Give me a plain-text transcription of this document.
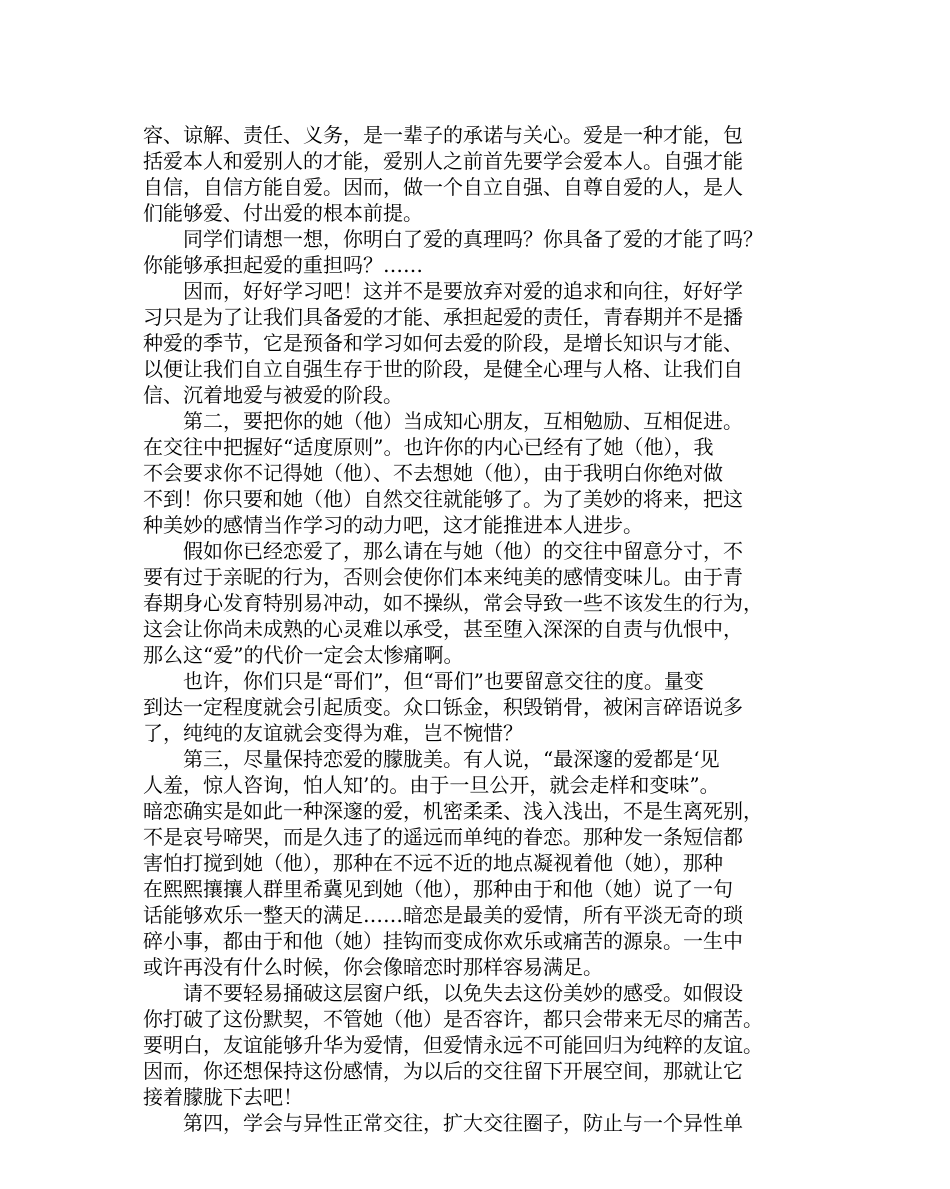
容、谅解、责任、义务，是一辈子的承诺与关心。爱是一种才能，包
括爱本人和爱别人的才能，爱别人之前首先要学会爱本人。自强才能
自信，自信方能自爱。因而，做一个自立自强、自尊自爱的人，是人
们能够爱、付出爱的根本前提。
同学们请想一想，你明白了爱的真理吗？你具备了爱的才能了吗？
你能够承担起爱的重担吗？……
因而，好好学习吧！这并不是要放弃对爱的追求和向往，好好学
习只是为了让我们具备爱的才能、承担起爱的责任，青春期并不是播
种爱的季节，它是预备和学习如何去爱的阶段，是增长知识与才能、
以便让我们自立自强生存于世的阶段，是健全心理与人格、让我们自
信、沉着地爱与被爱的阶段。
第二，要把你的她（他）当成知心朋友，互相勉励、互相促进。
在交往中把握好“适度原则”。也许你的内心已经有了她（他），我
不会要求你不记得她（他）、不去想她（他），由于我明白你绝对做
不到！你只要和她（他）自然交往就能够了。为了美妙的将来，把这
种美妙的感情当作学习的动力吧，这才能推进本人进步。
假如你已经恋爱了，那么请在与她（他）的交往中留意分寸，不
要有过于亲昵的行为，否则会使你们本来纯美的感情变味儿。由于青
春期身心发育特别易冲动，如不操纵，常会导致一些不该发生的行为，
这会让你尚未成熟的心灵难以承受，甚至堕入深深的自责与仇恨中，
那么这“爱”的代价一定会太惨痛啊。
也许，你们只是“哥们”，但“哥们”也要留意交往的度。量变
到达一定程度就会引起质变。众口铄金，积毁销骨，被闲言碎语说多
了，纯纯的友谊就会变得为难，岂不惋惜？
第三，尽量保持恋爱的朦胧美。有人说，“最深邃的爱都是‘见
人羞，惊人咨询，怕人知’的。由于一旦公开，就会走样和变味”。
暗恋确实是如此一种深邃的爱，机密柔柔、浅入浅出，不是生离死别，
不是哀号啼哭，而是久违了的遥远而单纯的眷恋。那种发一条短信都
害怕打搅到她（他），那种在不远不近的地点凝视着他（她），那种
在熙熙攘攘人群里希冀见到她（他），那种由于和他（她）说了一句
话能够欢乐一整天的满足……暗恋是最美的爱情，所有平淡无奇的琐
碎小事，都由于和他（她）挂钩而变成你欢乐或痛苦的源泉。一生中
或许再没有什么时候，你会像暗恋时那样容易满足。
请不要轻易捅破这层窗户纸，以免失去这份美妙的感受。如假设
你打破了这份默契，不管她（他）是否容许，都只会带来无尽的痛苦。
要明白，友谊能够升华为爱情，但爱情永远不可能回归为纯粹的友谊。
因而，你还想保持这份感情，为以后的交往留下开展空间，那就让它
接着朦胧下去吧！
第四，学会与异性正常交往，扩大交往圈子，防止与一个异性单
